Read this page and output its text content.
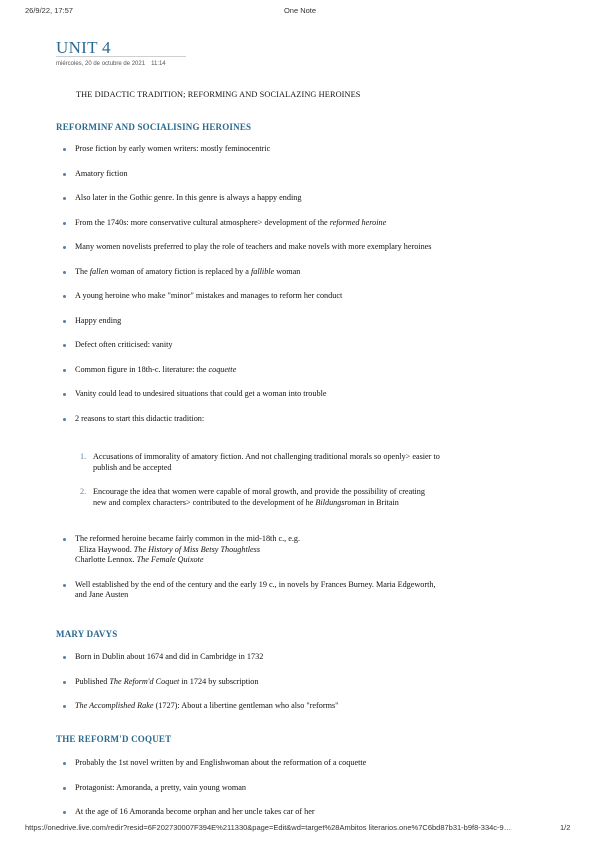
26/9/22, 17:57	One Note
UNIT 4
miércoles, 20 de octubre de 2021 11:14
THE DIDACTIC TRADITION; REFORMING AND SOCIALAZING HEROINES
REFORMINF AND SOCIALISING HEROINES
Prose fiction by early women writers: mostly feminocentric
Amatory fiction
Also later in the Gothic genre. In this genre is always a happy ending
From the 1740s: more conservative cultural atmosphere> development of the reformed heroine
Many women novelists preferred to play the role of teachers and make novels with more exemplary heroines
The fallen woman of amatory fiction is replaced by a fallible woman
A young heroine who make "minor" mistakes and manages to reform her conduct
Happy ending
Defect often criticised: vanity
Common figure in 18th-c. literature: the coquette
Vanity could lead to undesired situations that could get a woman into trouble
2 reasons to start this didactic tradition:
1. Accusations of immorality of amatory fiction. And not challenging traditional morals so openly> easier to publish and be accepted
2. Encourage the idea that women were capable of moral growth, and provide the possibility of creating new and complex characters> contributed to the development of he Bildungsroman in Britain
The reformed heroine became fairly common in the mid-18th c., e.g.
Eliza Haywood. The History of Miss Betsy Thoughtless
Charlotte Lennox. The Female Quixote
Well established by the end of the century and the early 19 c., in novels by Frances Burney. Maria Edgeworth, and Jane Austen
MARY DAVYS
Born in Dublin about 1674 and did in Cambridge in 1732
Published The Reform'd Coquet in 1724 by subscription
The Accomplished Rake (1727): About a libertine gentleman who also "reforms"
THE REFORM'D COQUET
Probably the 1st novel written by and Englishwoman about the reformation of a coquette
Protagonist: Amoranda, a pretty, vain young woman
At the age of 16 Amoranda become orphan and her uncle takes car of her
https://onedrive.live.com/redir?resid=6F202730007F394E%211330&page=Edit&wd=target%28Ambitos literarios.one%7C6bd87b31-b9f8-334c-9…	1/2
